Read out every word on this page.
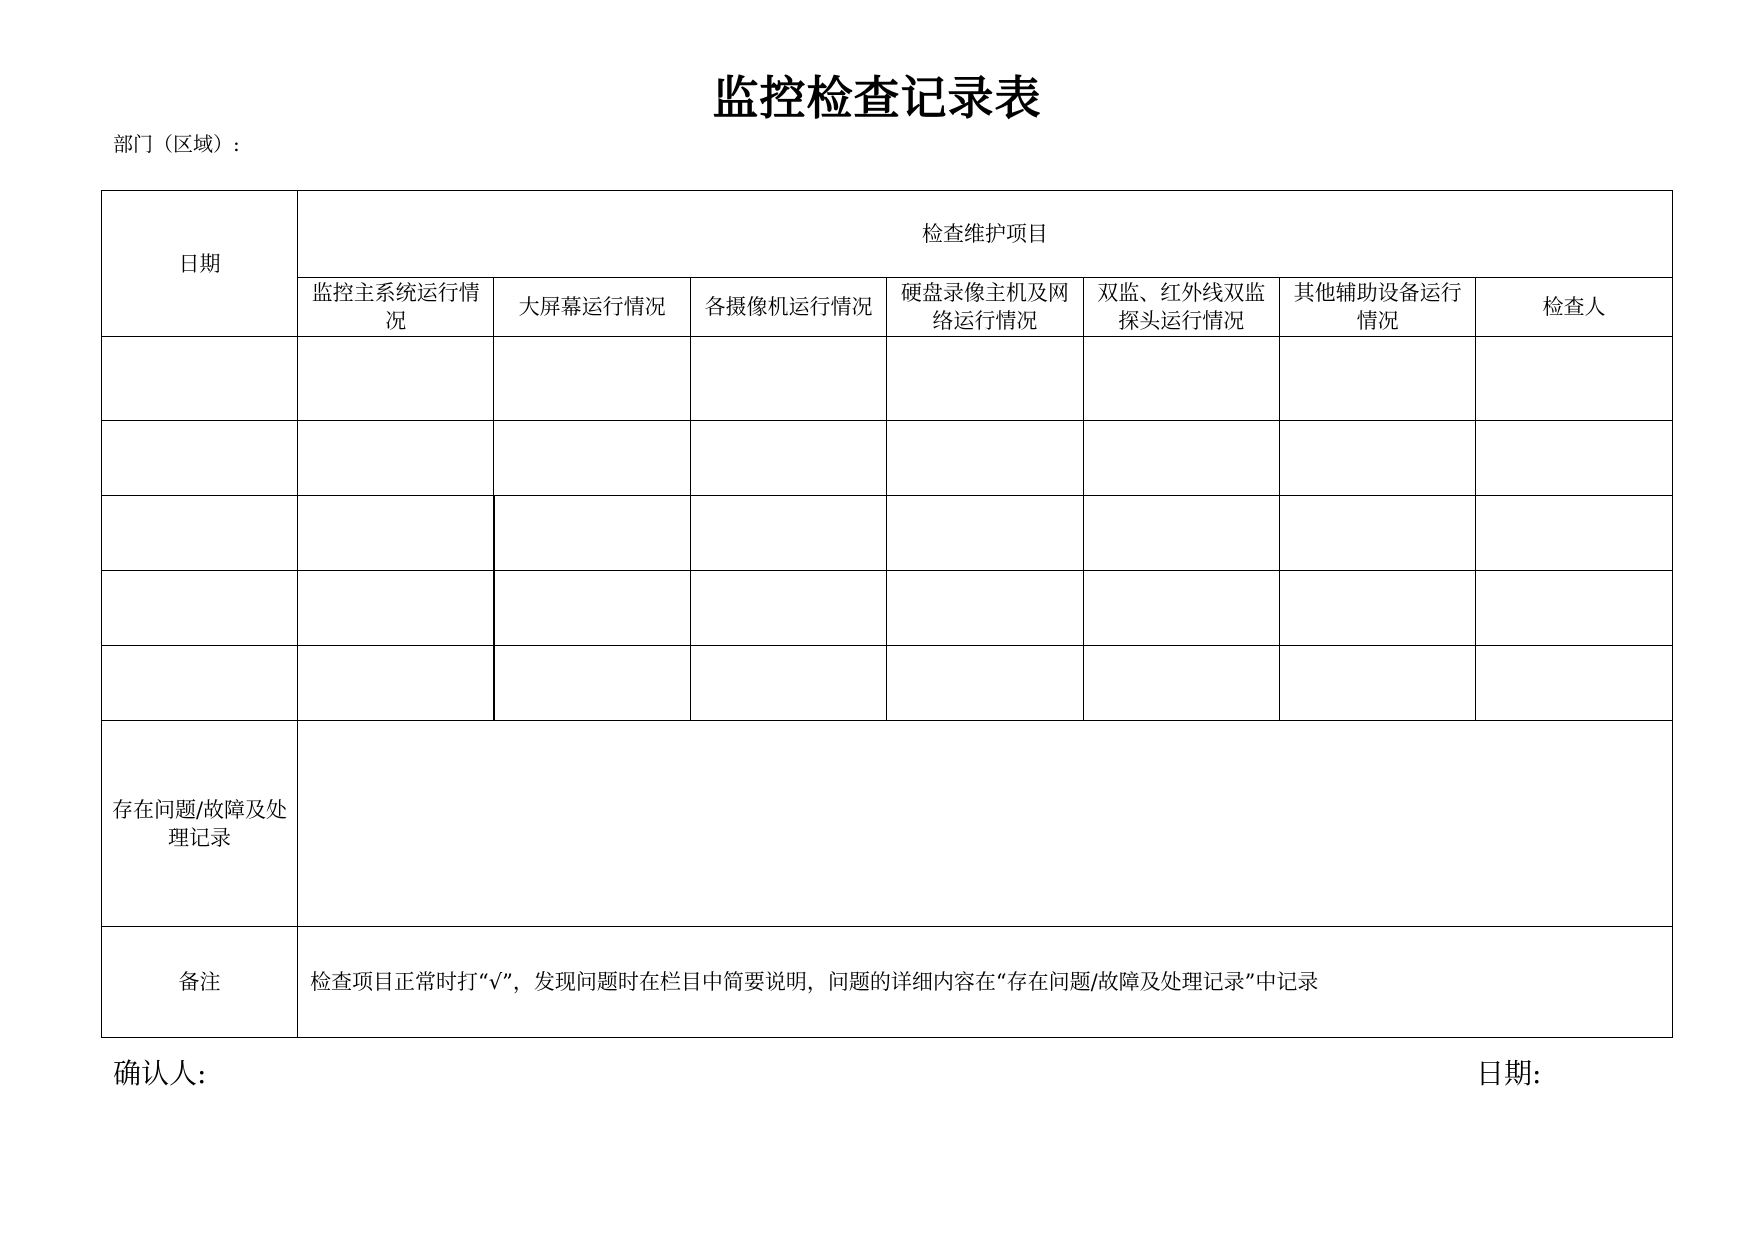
监控检查记录表
部门（区域）:
日期	检查维护项目						
	监控主系统运行情况	大屏幕运行情况	各摄像机运行情况	硬盘录像主机及网络运行情况	双监、红外线双监探头运行情况	其他辅助设备运行情况	检查人

存在问题/故障及处理记录							
备注	检查项目正常时打“√”，发现问题时在栏目中简要说明，问题的详细内容在“存在问题/故障及处理记录”中记录						
确认人:	日期:
